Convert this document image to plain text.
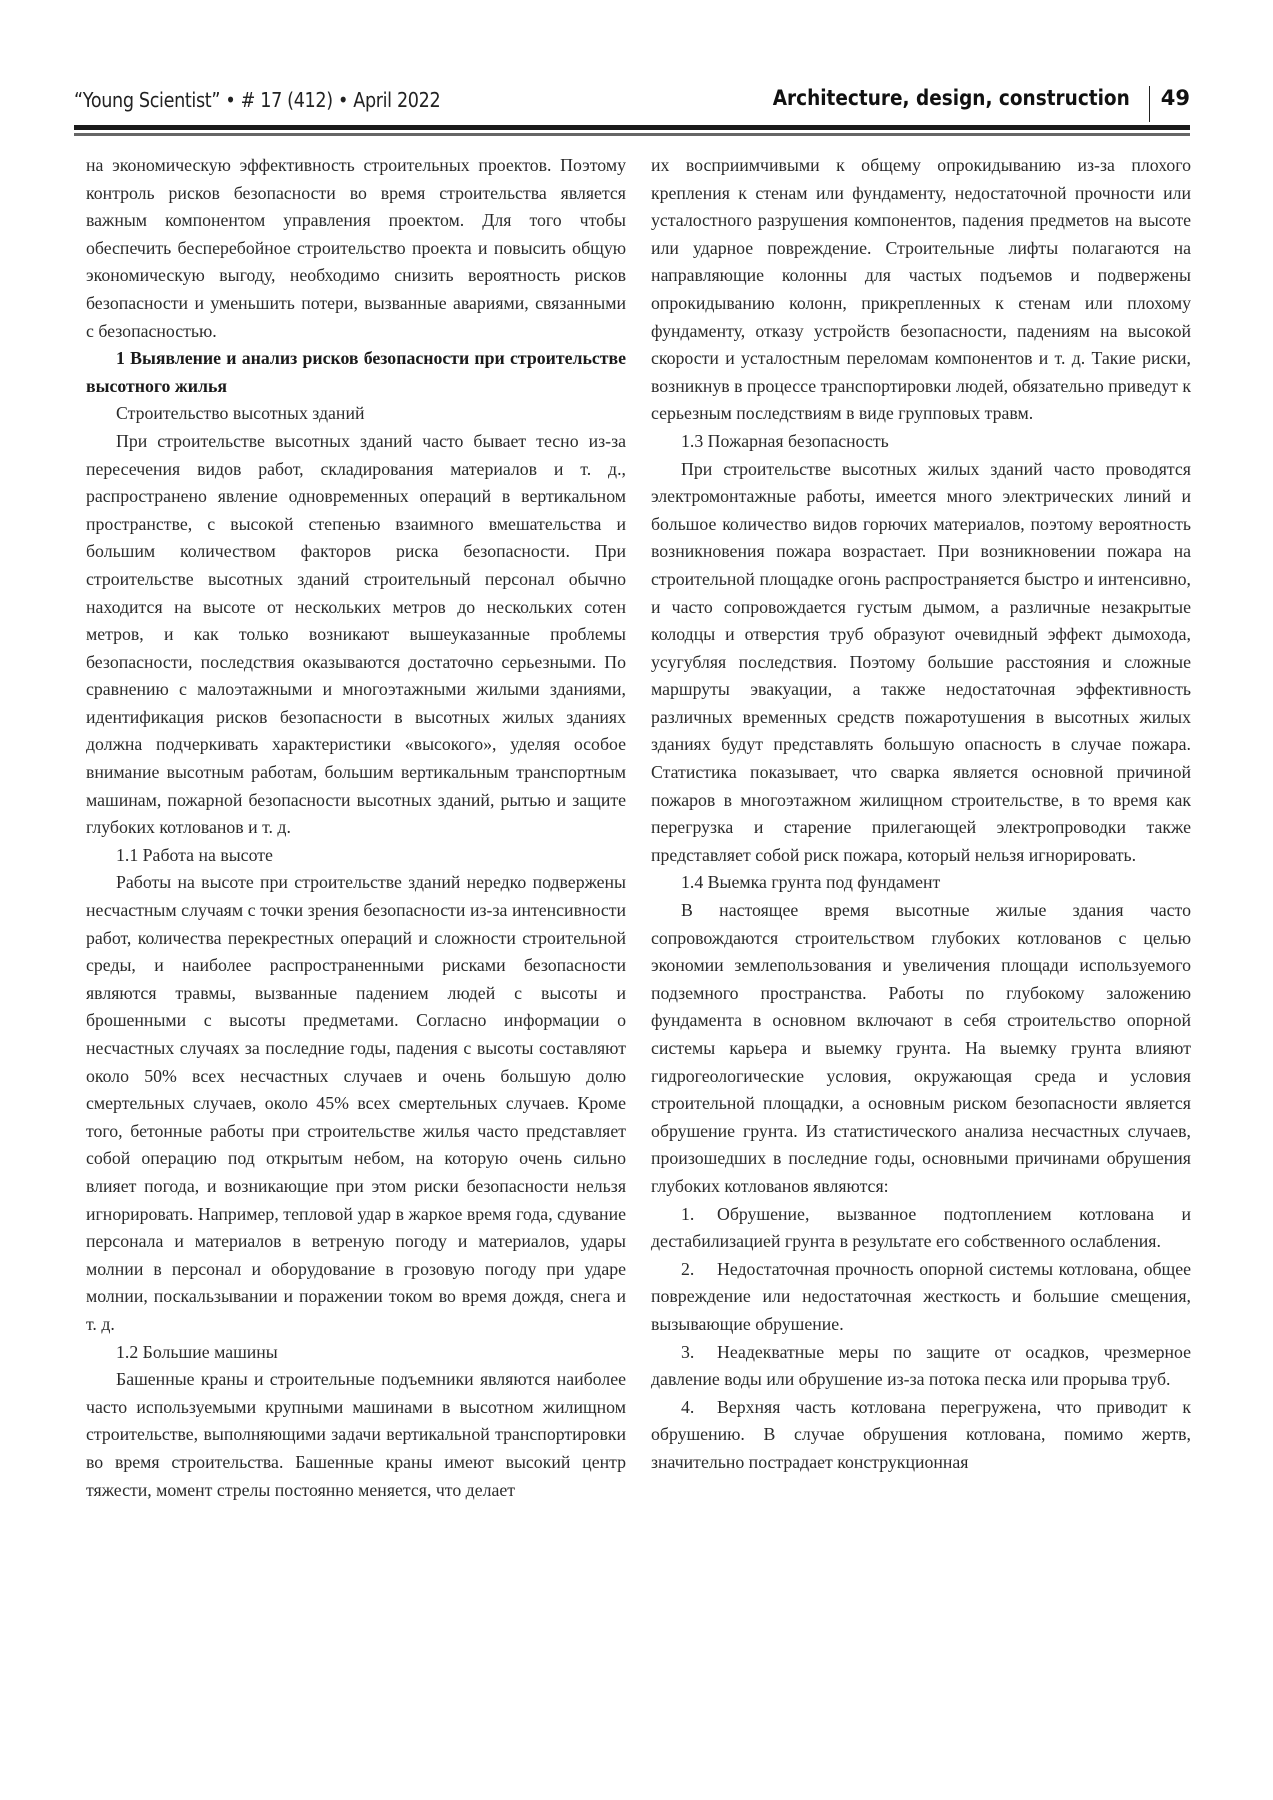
“Young Scientist” • # 17 (412) • April 2022	Architecture, design, construction 49

на экономическую эффективность строительных проектов. Поэтому контроль рисков безопасности во время строительства является важным компонентом управления проектом. Для того чтобы обеспечить бесперебойное строительство проекта и повысить общую экономическую выгоду, необходимо снизить вероятность рисков безопасности и уменьшить потери, вызванные авариями, связанными с безопасностью.

1 Выявление и анализ рисков безопасности при строительстве высотного жилья

Строительство высотных зданий

При строительстве высотных зданий часто бывает тесно из-за пересечения видов работ, складирования материалов и т. д., распространено явление одновременных операций в вертикальном пространстве, с высокой степенью взаимного вмешательства и большим количеством факторов риска безопасности. При строительстве высотных зданий строительный персонал обычно находится на высоте от нескольких метров до нескольких сотен метров, и как только возникают вышеуказанные проблемы безопасности, последствия оказываются достаточно серьезными. По сравнению с малоэтажными и многоэтажными жилыми зданиями, идентификация рисков безопасности в высотных жилых зданиях должна подчеркивать характеристики «высокого», уделяя особое внимание высотным работам, большим вертикальным транспортным машинам, пожарной безопасности высотных зданий, рытью и защите глубоких котлованов и т. д.

1.1 Работа на высоте

Работы на высоте при строительстве зданий нередко подвержены несчастным случаям с точки зрения безопасности из-за интенсивности работ, количества перекрестных операций и сложности строительной среды, и наиболее распространенными рисками безопасности являются травмы, вызванные падением людей с высоты и брошенными с высоты предметами. Согласно информации о несчастных случаях за последние годы, падения с высоты составляют около 50% всех несчастных случаев и очень большую долю смертельных случаев, около 45% всех смертельных случаев. Кроме того, бетонные работы при строительстве жилья часто представляет собой операцию под открытым небом, на которую очень сильно влияет погода, и возникающие при этом риски безопасности нельзя игнорировать. Например, тепловой удар в жаркое время года, сдувание персонала и материалов в ветреную погоду и материалов, удары молнии в персонал и оборудование в грозовую погоду при ударе молнии, поскальзывании и поражении током во время дождя, снега и т. д.

1.2 Большие машины

Башенные краны и строительные подъемники являются наиболее часто используемыми крупными машинами в высотном жилищном строительстве, выполняющими задачи вертикальной транспортировки во время строительства. Башенные краны имеют высокий центр тяжести, момент стрелы постоянно меняется, что делает

их восприимчивыми к общему опрокидыванию из-за плохого крепления к стенам или фундаменту, недостаточной прочности или усталостного разрушения компонентов, падения предметов на высоте или ударное повреждение. Строительные лифты полагаются на направляющие колонны для частых подъемов и подвержены опрокидыванию колонн, прикрепленных к стенам или плохому фундаменту, отказу устройств безопасности, падениям на высокой скорости и усталостным переломам компонентов и т. д. Такие риски, возникнув в процессе транспортировки людей, обязательно приведут к серьезным последствиям в виде групповых травм.

1.3 Пожарная безопасность

При строительстве высотных жилых зданий часто проводятся электромонтажные работы, имеется много электрических линий и большое количество видов горючих материалов, поэтому вероятность возникновения пожара возрастает. При возникновении пожара на строительной площадке огонь распространяется быстро и интенсивно, и часто сопровождается густым дымом, а различные незакрытые колодцы и отверстия труб образуют очевидный эффект дымохода, усугубляя последствия. Поэтому большие расстояния и сложные маршруты эвакуации, а также недостаточная эффективность различных временных средств пожаротушения в высотных жилых зданиях будут представлять большую опасность в случае пожара. Статистика показывает, что сварка является основной причиной пожаров в многоэтажном жилищном строительстве, в то время как перегрузка и старение прилегающей электропроводки также представляет собой риск пожара, который нельзя игнорировать.

1.4 Выемка грунта под фундамент

В настоящее время высотные жилые здания часто сопровождаются строительством глубоких котлованов с целью экономии землепользования и увеличения площади используемого подземного пространства. Работы по глубокому заложению фундамента в основном включают в себя строительство опорной системы карьера и выемку грунта. На выемку грунта влияют гидрогеологические условия, окружающая среда и условия строительной площадки, а основным риском безопасности является обрушение грунта. Из статистического анализа несчастных случаев, произошедших в последние годы, основными причинами обрушения глубоких котлованов являются:

1. Обрушение, вызванное подтоплением котлована и дестабилизацией грунта в результате его собственного ослабления.

2. Недостаточная прочность опорной системы котлована, общее повреждение или недостаточная жесткость и большие смещения, вызывающие обрушение.

3. Неадекватные меры по защите от осадков, чрезмерное давление воды или обрушение из-за потока песка или прорыва труб.

4. Верхняя часть котлована перегружена, что приводит к обрушению. В случае обрушения котлована, помимо жертв, значительно пострадает конструкционная
